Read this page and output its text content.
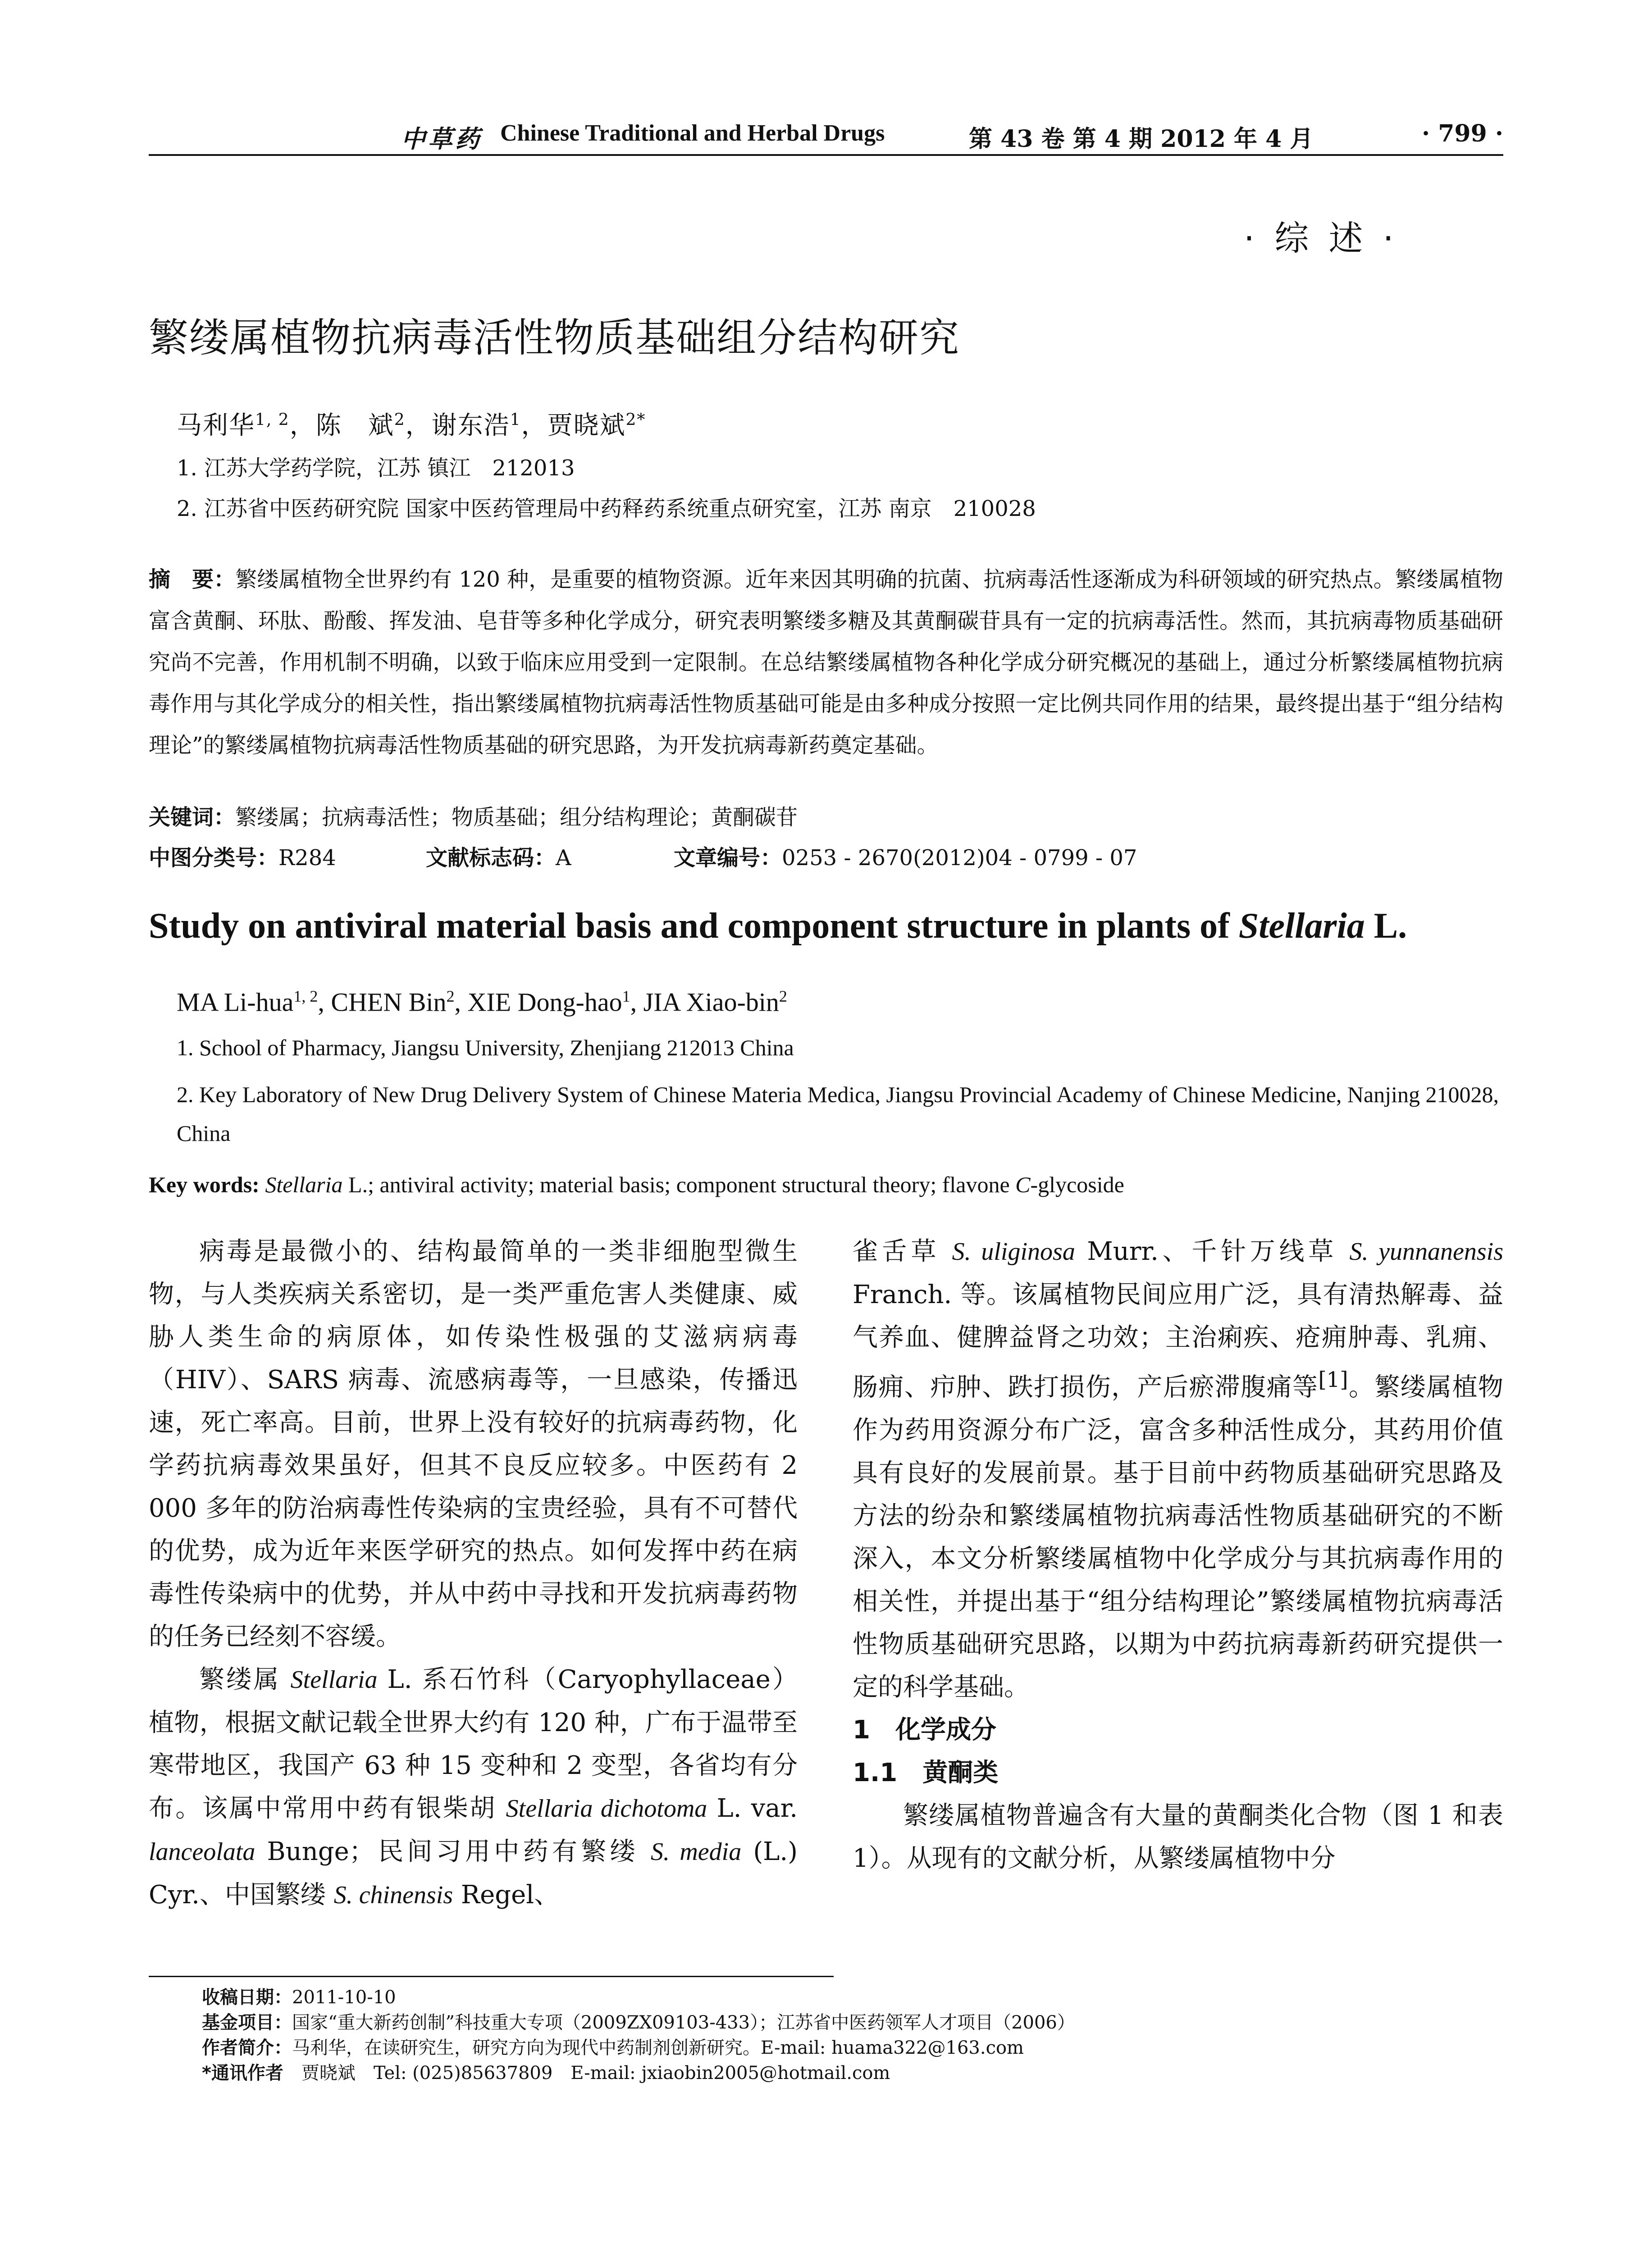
中草药 Chinese Traditional and Herbal Drugs	第 43 卷 第 4 期 2012 年 4 月	· 799 ·
· 综 述 ·
繁缕属植物抗病毒活性物质基础组分结构研究
马利华$^{1, 2}$，陈　斌$^2$，谢东浩$^1$，贾晓斌$^{2*}$
1. 江苏大学药学院，江苏 镇江　212013
2. 江苏省中医药研究院 国家中医药管理局中药释药系统重点研究室，江苏 南京　210028
摘　要：繁缕属植物全世界约有 120 种，是重要的植物资源。近年来因其明确的抗菌、抗病毒活性逐渐成为科研领域的研究热点。繁缕属植物富含黄酮、环肽、酚酸、挥发油、皂苷等多种化学成分，研究表明繁缕多糖及其黄酮碳苷具有一定的抗病毒活性。然而，其抗病毒物质基础研究尚不完善，作用机制不明确，以致于临床应用受到一定限制。在总结繁缕属植物各种化学成分研究概况的基础上，通过分析繁缕属植物抗病毒作用与其化学成分的相关性，指出繁缕属植物抗病毒活性物质基础可能是由多种成分按照一定比例共同作用的结果，最终提出基于“组分结构理论”的繁缕属植物抗病毒活性物质基础的研究思路，为开发抗病毒新药奠定基础。
关键词：繁缕属；抗病毒活性；物质基础；组分结构理论；黄酮碳苷
中图分类号：R284	文献标志码：A	文章编号：0253 - 2670(2012)04 - 0799 - 07
Study on antiviral material basis and component structure in plants of Stellaria L.
MA Li-hua$^{1, 2}$, CHEN Bin$^2$, XIE Dong-hao$^1$, JIA Xiao-bin$^2$
1. School of Pharmacy, Jiangsu University, Zhenjiang 212013 China
2. Key Laboratory of New Drug Delivery System of Chinese Materia Medica, Jiangsu Provincial Academy of Chinese Medicine, Nanjing 210028, China
Key words: Stellaria L.; antiviral activity; material basis; component structural theory; flavone C-glycoside

病毒是最微小的、结构最简单的一类非细胞型微生物，与人类疾病关系密切，是一类严重危害人类健康、威胁人类生命的病原体，如传染性极强的艾滋病病毒（HIV）、SARS 病毒、流感病毒等，一旦感染，传播迅速，死亡率高。目前，世界上没有较好的抗病毒药物，化学药抗病毒效果虽好，但其不良反应较多。中医药有 2 000 多年的防治病毒性传染病的宝贵经验，具有不可替代的优势，成为近年来医学研究的热点。如何发挥中药在病毒性传染病中的优势，并从中药中寻找和开发抗病毒药物的任务已经刻不容缓。

繁缕属 Stellaria L. 系石竹科（Caryophyllaceae）植物，根据文献记载全世界大约有 120 种，广布于温带至寒带地区，我国产 63 种 15 变种和 2 变型，各省均有分布。该属中常用中药有银柴胡 Stellaria dichotoma L. var. lanceolata Bunge；民间习用中药有繁缕 S. media (L.) Cyr.、中国繁缕 S. chinensis Regel、

雀舌草 S. uliginosa Murr.、千针万线草 S. yunnanensis Franch. 等。该属植物民间应用广泛，具有清热解毒、益气养血、健脾益肾之功效；主治痢疾、疮痈肿毒、乳痈、肠痈、疖肿、跌打损伤，产后瘀滞腹痛等[1]。繁缕属植物作为药用资源分布广泛，富含多种活性成分，其药用价值具有良好的发展前景。基于目前中药物质基础研究思路及方法的纷杂和繁缕属植物抗病毒活性物质基础研究的不断深入，本文分析繁缕属植物中化学成分与其抗病毒作用的相关性，并提出基于“组分结构理论”繁缕属植物抗病毒活性物质基础研究思路，以期为中药抗病毒新药研究提供一定的科学基础。

1　化学成分

1.1　黄酮类

繁缕属植物普遍含有大量的黄酮类化合物（图 1 和表 1）。从现有的文献分析，从繁缕属植物中分

收稿日期：2011-10-10
基金项目：国家“重大新药创制”科技重大专项（2009ZX09103-433）；江苏省中医药领军人才项目（2006）
作者简介：马利华，在读研究生，研究方向为现代中药制剂创新研究。E-mail: huama322@163.com
*通讯作者　贾晓斌　Tel: (025)85637809　E-mail: jxiaobin2005@hotmail.com
